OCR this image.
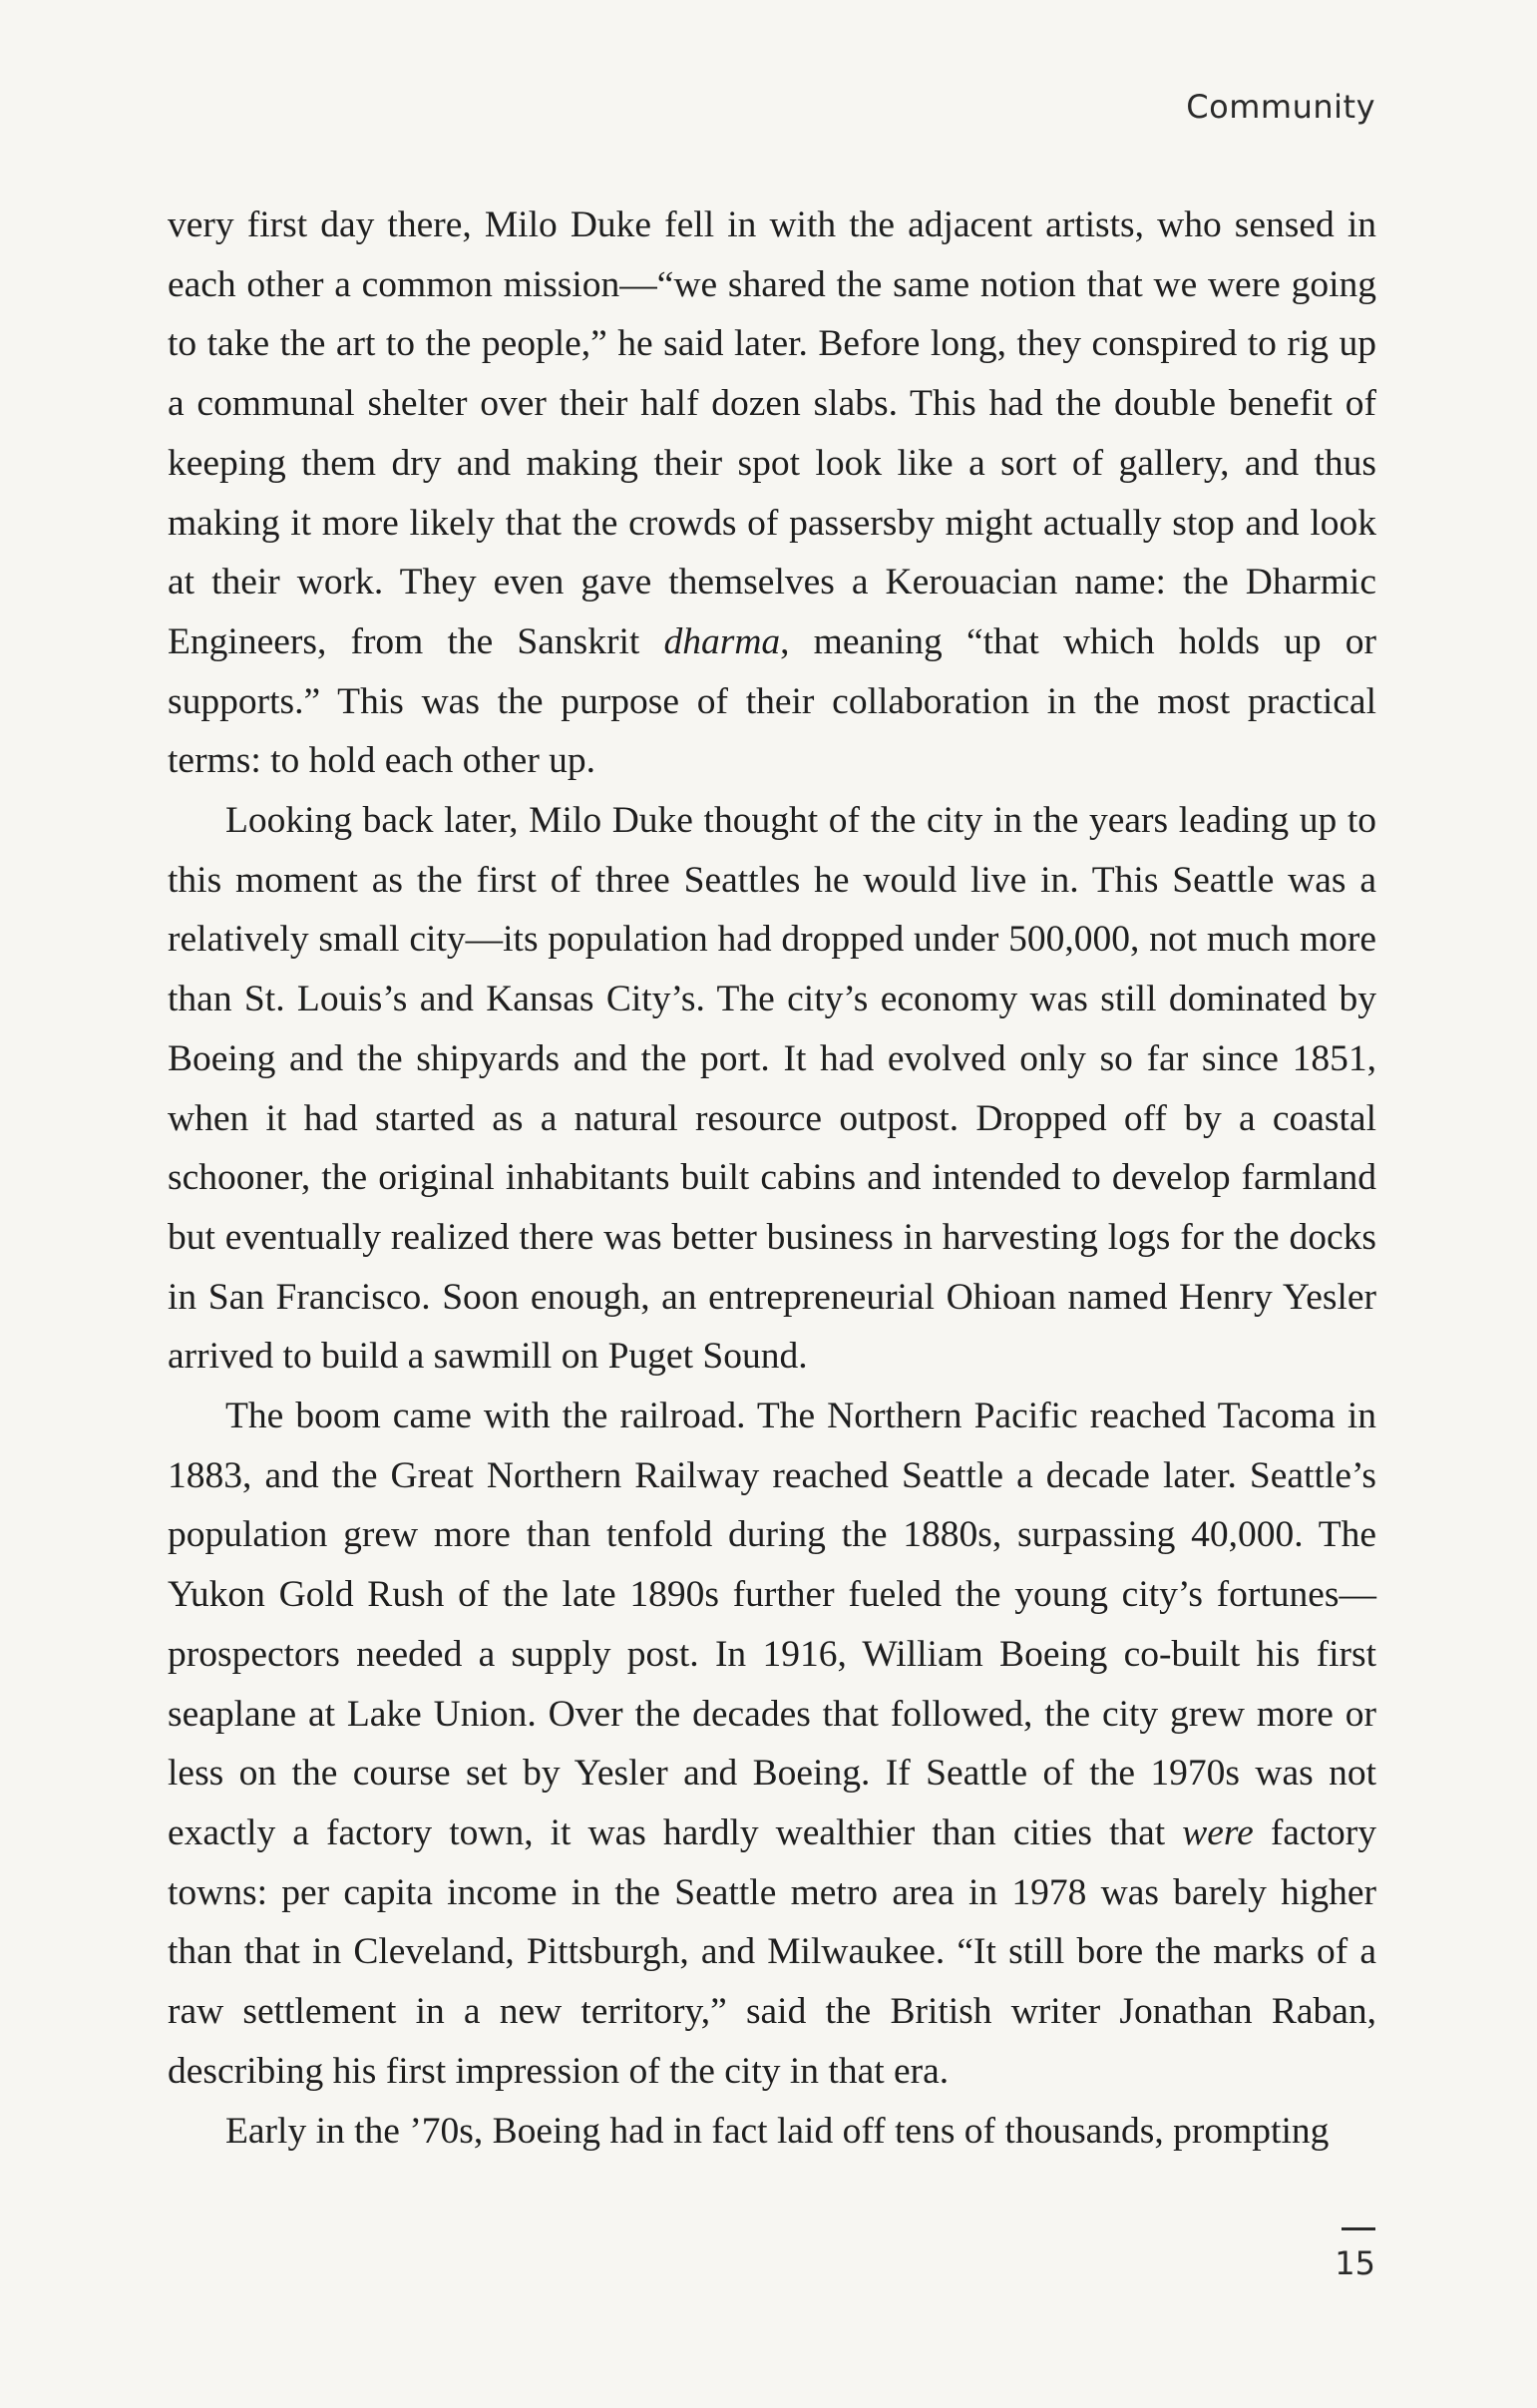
Community

very first day there, Milo Duke fell in with the adjacent artists, who sensed in each other a common mission—“we shared the same notion that we were going to take the art to the people,” he said later. Before long, they conspired to rig up a communal shelter over their half dozen slabs. This had the double benefit of keeping them dry and making their spot look like a sort of gallery, and thus making it more likely that the crowds of passersby might actually stop and look at their work. They even gave themselves a Kerouacian name: the Dharmic Engineers, from the Sanskrit dharma, meaning “that which holds up or supports.” This was the purpose of their collaboration in the most practical terms: to hold each other up.

Looking back later, Milo Duke thought of the city in the years leading up to this moment as the first of three Seattles he would live in. This Seattle was a relatively small city—its population had dropped under 500,000, not much more than St. Louis’s and Kansas City’s. The city’s economy was still dominated by Boeing and the shipyards and the port. It had evolved only so far since 1851, when it had started as a natural resource outpost. Dropped off by a coastal schooner, the original inhabitants built cabins and intended to develop farmland but eventually realized there was better business in harvesting logs for the docks in San Francisco. Soon enough, an entrepreneurial Ohioan named Henry Yesler arrived to build a sawmill on Puget Sound.

The boom came with the railroad. The Northern Pacific reached Tacoma in 1883, and the Great Northern Railway reached Seattle a decade later. Seattle’s population grew more than tenfold during the 1880s, surpassing 40,000. The Yukon Gold Rush of the late 1890s further fueled the young city’s fortunes—prospectors needed a supply post. In 1916, William Boeing co-built his first seaplane at Lake Union. Over the decades that followed, the city grew more or less on the course set by Yesler and Boeing. If Seattle of the 1970s was not exactly a factory town, it was hardly wealthier than cities that were factory towns: per capita income in the Seattle metro area in 1978 was barely higher than that in Cleveland, Pittsburgh, and Milwaukee. “It still bore the marks of a raw settlement in a new territory,” said the British writer Jonathan Raban, describing his first impression of the city in that era.

Early in the ’70s, Boeing had in fact laid off tens of thousands, prompting

15
